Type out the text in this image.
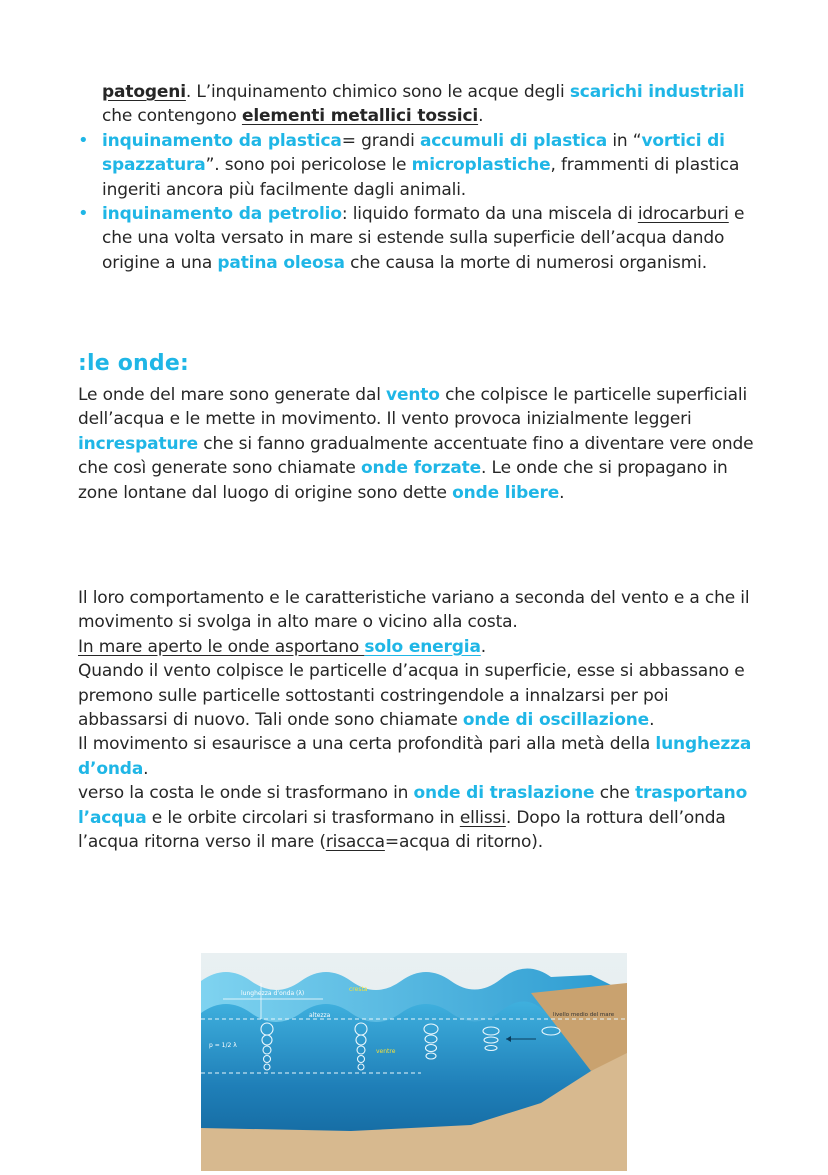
patogeni. L’inquinamento chimico sono le acque degli scarichi industriali che contengono elementi metallici tossici.
• inquinamento da plastica= grandi accumuli di plastica in “vortici di spazzatura”. sono poi pericolose le microplastiche, frammenti di plastica ingeriti ancora più facilmente dagli animali.
• inquinamento da petrolio: liquido formato da una miscela di idrocarburi e che una volta versato in mare si estende sulla superficie dell’acqua dando origine a una patina oleosa che causa la morte di numerosi organismi.
:le onde:
Le onde del mare sono generate dal vento che colpisce le particelle superficiali dell’acqua e le mette in movimento. Il vento provoca inizialmente leggeri increspature che si fanno gradualmente accentuate fino a diventare vere onde che così generate sono chiamate onde forzate. Le onde che si propagano in zone lontane dal luogo di origine sono dette onde libere.
Il loro comportamento e le caratteristiche variano a seconda del vento e a che il movimento si svolga in alto mare o vicino alla costa.
In mare aperto le onde asportano solo energia.
Quando il vento colpisce le particelle d’acqua in superficie, esse si abbassano e premono sulle particelle sottostanti costringendole a innalzarsi per poi abbassarsi di nuovo. Tali onde sono chiamate onde di oscillazione.
Il movimento si esaurisce a una certa profondità pari alla metà della lunghezza d’onda.
verso la costa le onde si trasformano in onde di traslazione che trasportano l’acqua e le orbite circolari si trasformano in ellissi. Dopo la rottura dell’onda l’acqua ritorna verso il mare (risacca=acqua di ritorno).
lunghezza d’onda (λ)
cresta
altezza
ventre
p = 1/2 λ
livello medio del mare
